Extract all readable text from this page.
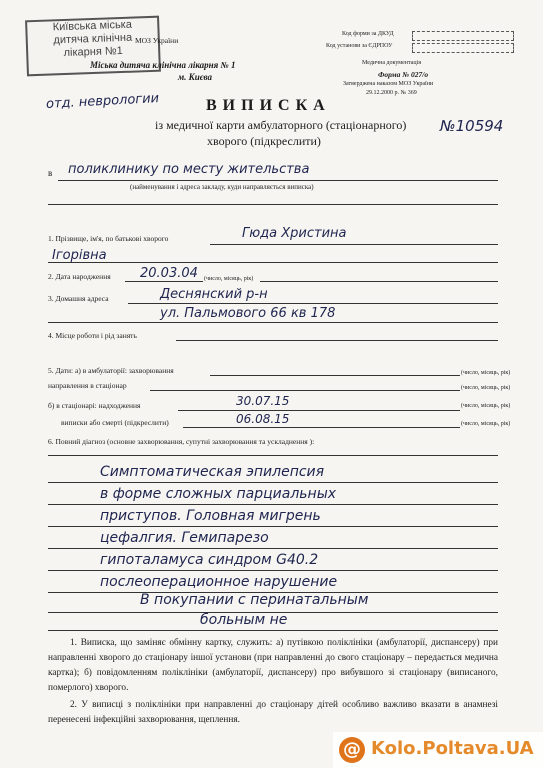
Київська міська
дитяча клінічна
лікарня №1
МОЗ України
Міська дитяча клінічна лікарня № 1
м. Києва
Код форми за ДКУД
Код установи за ЄДРПОУ
Медична документація
Форма № 027/о
Затверджена наказом МОЗ України
29.12.2000 р. № 369
отд. неврологии	ВИПИСКА
із медичної карти амбулаторного (стаціонарного)
хворого (підкреслити)
№10594
в поликлинику по месту жительства
(найменування і адреса закладу, куди направляється виписка)
1. Прізвище, ім'я, по батькові хворого	Гюда Христина
Ігорівна
2. Дата народження 20.03.04 (число, місяць, рік)
3. Домашня адреса	Деснянский р-н
ул. Пальмового 66 кв 178
4. Місце роботи і рід занять
5. Дати: а) в амбулаторії: захворювання	(число, місяць, рік)
направлення в стаціонар	(число, місяць, рік)
б) в стаціонарі: надходження	30.07.15	(число, місяць, рік)
виписки або смерті (підкреслити)	06.08.15	(число, місяць, рік)
6. Повний діагноз (основне захворювання, супутні захворювання та ускладнення ):
Симптоматическая эпилепсия
в форме сложных парциальных
приступов. Головная мигрень
цефалгия. Гемипарезо
гипоталамуса синдром G40.2
послеоперационное нарушение
В покупании с перинатальным
больным не
1. Виписка, що заміняє обмінну картку, служить: а) путівкою поліклініки (амбулаторії, диспансеру) при направленні хворого до стаціонару іншої установи (при направленні до свого стаціонару – передається медична картка); б) повідомленням поліклініки (амбулаторії, диспансеру) про вибувшого зі стаціонару (виписаного, померлого) хворого.
2. У виписці з поліклініки при направленні до стаціонару дітей особливо важливо вказати в анамнезі перенесені інфекційні захворювання, щеплення.
@ Kolo.Poltava.UA
